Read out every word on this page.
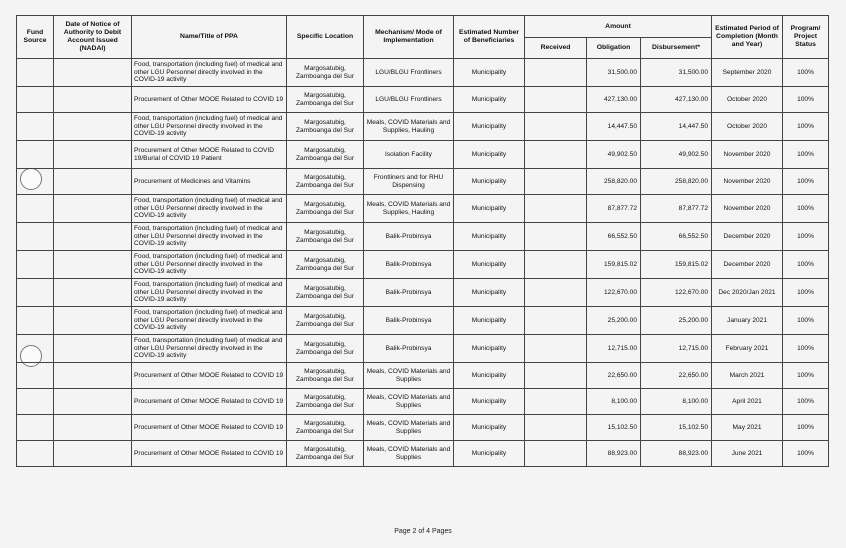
Fund Source	Date of Notice of Authority to Debit Account Issued (NADAI)	Name/Title of PPA	Specific Location	Mechanism/ Mode of Implementation	Estimated Number of Beneficiaries	Amount			Estimated Period of Completion (Month and Year)	Program/ Project Status
						Received	Obligation	Disbursement*		
		Food, transportation (including fuel) of medical and other LGU Personnel directly involved in the COVID-19 activity	Margosatubig, Zamboanga del Sur	LGU/BLGU Frontliners	Municipality		31,500.00	31,500.00	September 2020	100%
		Procurement of Other MOOE Related to COVID 19	Margosatubig, Zamboanga del Sur	LGU/BLGU Frontliners	Municipality		427,130.00	427,130.00	October 2020	100%
		Food, transportation (including fuel) of medical and other LGU Personnel directly involved in the COVID-19 activity	Margosatubig, Zamboanga del Sur	Meals, COVID Materials and Supplies, Hauling	Municipality		14,447.50	14,447.50	October 2020	100%
		Procurement of Other MOOE Related to COVID 19/Burial of COVID 19 Patient	Margosatubig, Zamboanga del Sur	Isolation Facility	Municipality		49,902.50	49,902.50	November 2020	100%
		Procurement of Medicines and Vitamins	Margosatubig, Zamboanga del Sur	Frontliners and for RHU Dispensing	Municipality		258,820.00	258,820.00	November 2020	100%
		Food, transportation (including fuel) of medical and other LGU Personnel directly involved in the COVID-19 activity	Margosatubig, Zamboanga del Sur	Meals, COVID Materials and Supplies, Hauling	Municipality		87,877.72	87,877.72	November 2020	100%
		Food, transportation (including fuel) of medical and other LGU Personnel directly involved in the COVID-19 activity	Margosatubig, Zamboanga del Sur	Balik-Probinsya	Municipality		66,552.50	66,552.50	December 2020	100%
		Food, transportation (including fuel) of medical and other LGU Personnel directly involved in the COVID-19 activity	Margosatubig, Zamboanga del Sur	Balik-Probinsya	Municipality		159,815.02	159,815.02	December 2020	100%
		Food, transportation (including fuel) of medical and other LGU Personnel directly involved in the COVID-19 activity	Margosatubig, Zamboanga del Sur	Balik-Probinsya	Municipality		122,670.00	122,670.00	Dec 2020/Jan 2021	100%
		Food, transportation (including fuel) of medical and other LGU Personnel directly involved in the COVID-19 activity	Margosatubig, Zamboanga del Sur	Balik-Probinsya	Municipality		25,200.00	25,200.00	January 2021	100%
		Food, transportation (including fuel) of medical and other LGU Personnel directly involved in the COVID-19 activity	Margosatubig, Zamboanga del Sur	Balik-Probinsya	Municipality		12,715.00	12,715.00	February 2021	100%
		Procurement of Other MOOE Related to COVID 19	Margosatubig, Zamboanga del Sur	Meals, COVID Materials and Supplies	Municipality		22,650.00	22,650.00	March 2021	100%
		Procurement of Other MOOE Related to COVID 19	Margosatubig, Zamboanga del Sur	Meals, COVID Materials and Supplies	Municipality		8,100.00	8,100.00	April 2021	100%
		Procurement of Other MOOE Related to COVID 19	Margosatubig, Zamboanga del Sur	Meals, COVID Materials and Supplies	Municipality		15,102.50	15,102.50	May 2021	100%
		Procurement of Other MOOE Related to COVID 19	Margosatubig, Zamboanga del Sur	Meals, COVID Materials and Supplies	Municipality		88,923.00	88,923.00	June 2021	100%
Page 2 of 4 Pages
